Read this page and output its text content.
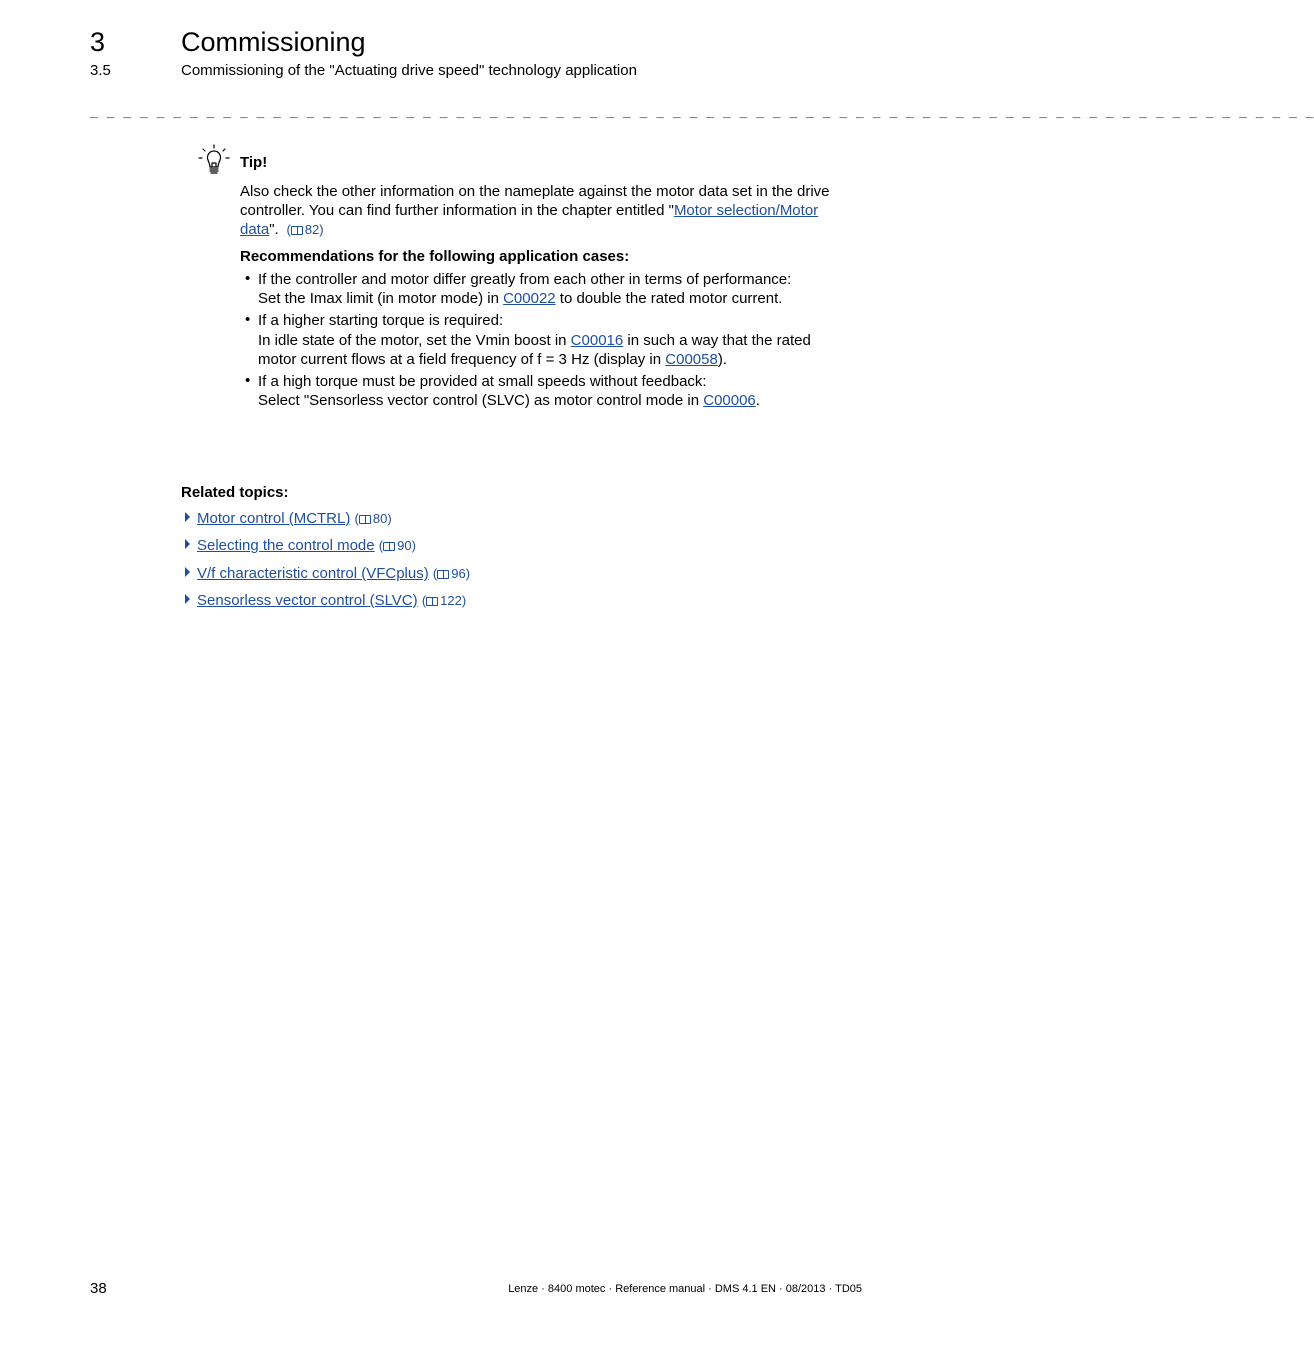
3	Commissioning
3.5	Commissioning of the "Actuating drive speed" technology application
_ _ _ _ _ _ _ _ _ _ _ _ _ _ _ _ _ _ _ _ _ _ _ _ _ _ _ _ _ _ _ _ _ _ _ _ _ _ _ _ _ _ _ _ _ _ _ _ _ _ _ _ _ _ _ _ _ _ _ _ _ _ _ _ _ _ _ _ _ _ _ _ _ _
Tip!
Also check the other information on the nameplate against the motor data set in the drive
controller. You can find further information in the chapter entitled "Motor selection/Motor
data".  ( 82)
Recommendations for the following application cases:
• If the controller and motor differ greatly from each other in terms of performance:
Set the Imax limit (in motor mode) in C00022 to double the rated motor current.
• If a higher starting torque is required:
In idle state of the motor, set the Vmin boost in C00016 in such a way that the rated
motor current flows at a field frequency of f = 3 Hz (display in C00058).
• If a high torque must be provided at small speeds without feedback:
Select "Sensorless vector control (SLVC) as motor control mode in C00006.
Related topics:
Motor control (MCTRL) ( 80)
Selecting the control mode ( 90)
V/f characteristic control (VFCplus) ( 96)
Sensorless vector control (SLVC) ( 122)
38	Lenze · 8400 motec · Reference manual · DMS 4.1 EN · 08/2013 · TD05
